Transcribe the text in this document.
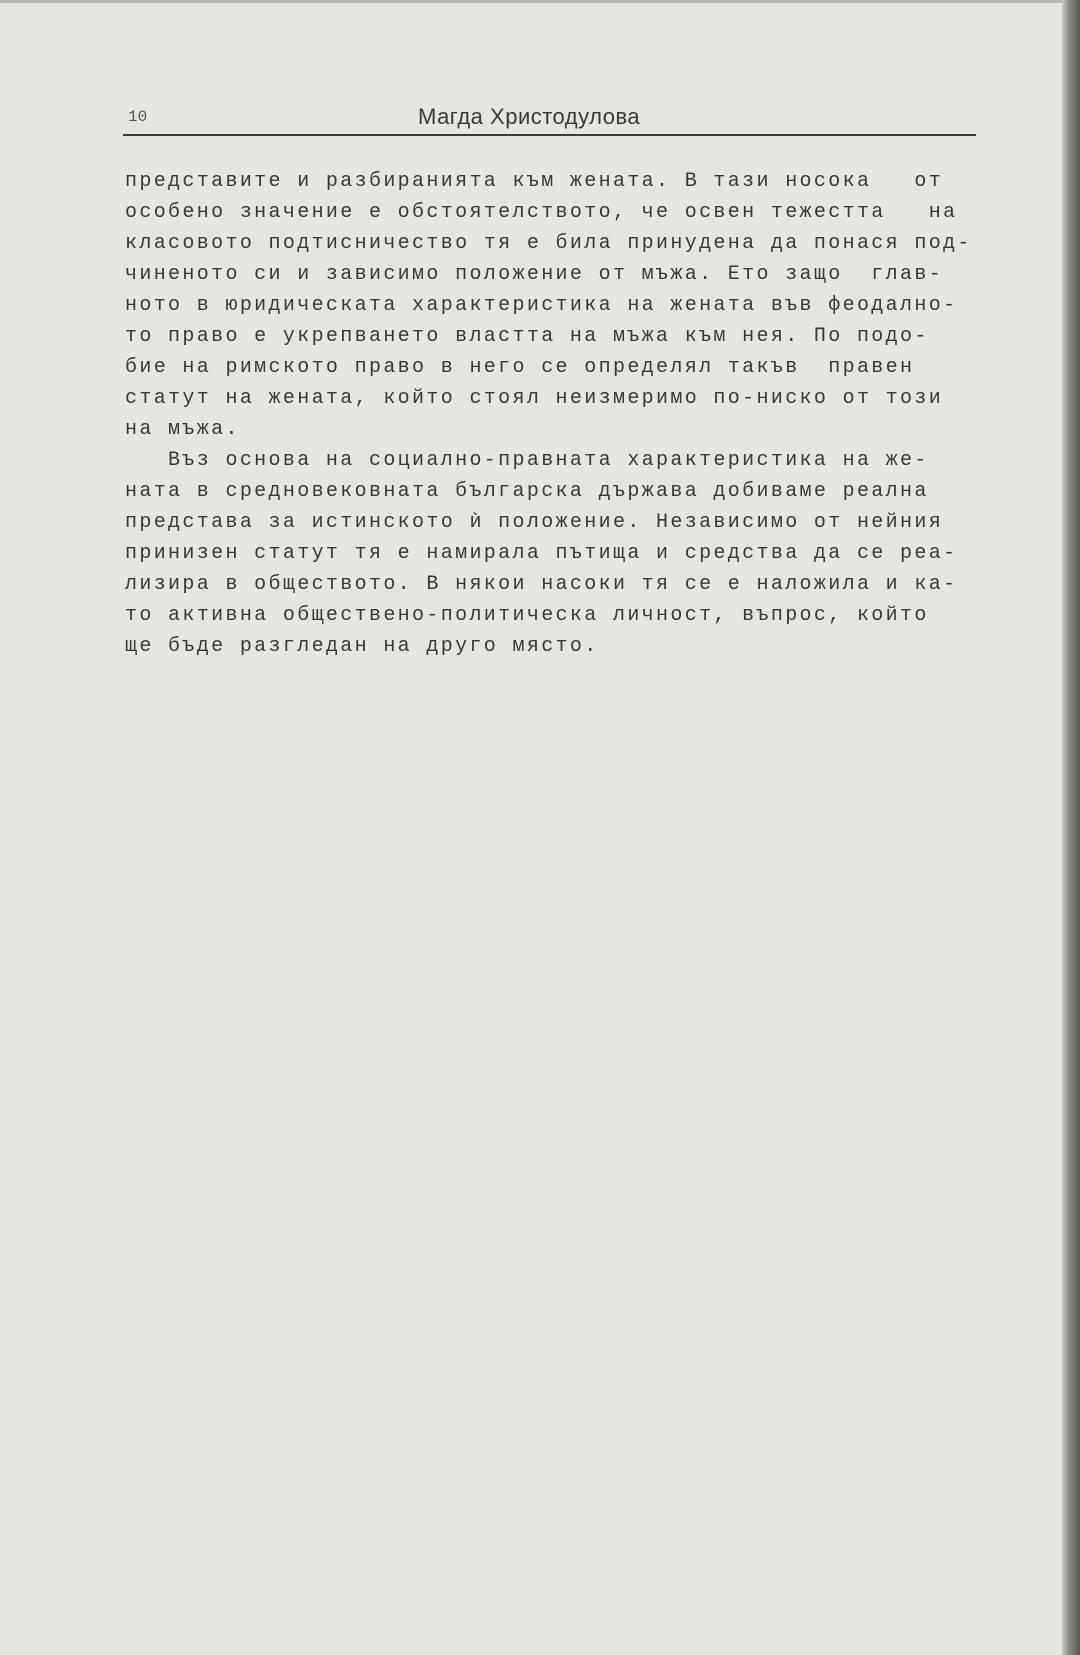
10	Магда Христодулова
представите и разбиранията към жената. В тази носока   от
особено значение е обстоятелството, че освен тежестта   на
класовото подтисничество тя е била принудена да понася под-
чиненото си и зависимо положение от мъжа. Ето защо  глав-
ното в юридическата характеристика на жената във феодално-
то право е укрепването властта на мъжа към нея. По подо-
бие на римското право в него се определял такъв  правен
статут на жената, който стоял неизмеримо по-ниско от този
на мъжа.
Въз основа на социално-правната характеристика на же-
ната в средновековната българска държава добиваме реална
представа за истинското ѝ положение. Независимо от нейния
принизен статут тя е намирала пътища и средства да се реа-
лизира в обществото. В някои насоки тя се е наложила и ка-
то активна обществено-политическа личност, въпрос, който
ще бъде разгледан на друго място.
